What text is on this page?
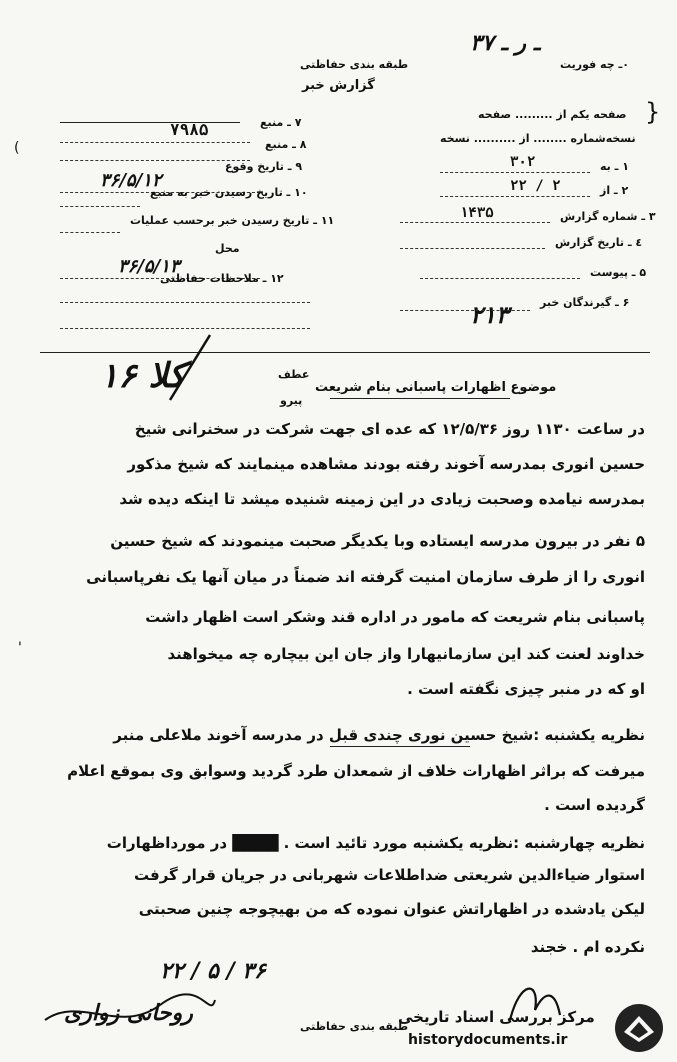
۰ـ چه فوریت
۳ـ ر ـ ۷
طبقه بندی حفاظتی
گزارش خبر
صفحه یکم از ......... صفحه
نسخه‌شماره ........ از .......... نسخه
}
۱ ـ به
۳۰۲
۲ ـ از
۲۲ / ۲
۳ ـ شماره گزارش
۱۴۳۵
٤ ـ تاریخ گزارش
۵ ـ پیوست
۶ ـ گیرندگان خبر
۲۱۳
۷ ـ منبع
۷۹۸۵
۸ ـ منبع
۹ ـ تاریخ وقوع
۳۶/۵/۱۲
۱۰ ـ تاریخ رسیدن خبر به منبع
۱۱ ـ تاریخ رسیدن خبر برحسب عملیات
محل
۳۶/۵/۱۳
۱۲ ـ ملاحظات حفاظتی
(
'
کلا ۱۶	عطف
پیرو
موضوع اظهارات پاسبانی بنام شریعت
در ساعت ۱۱۳۰ روز ۱۲/۵/۳۶ که عده ای جهت شرکت در سخنرانی شیخ
حسین انوری بمدرسه آخوند رفته بودند مشاهده مینمایند که شیخ مذکور
بمدرسه نیامده وصحبت زیادی در این زمینه شنیده میشد تا اینکه دیده شد
۵ نفر در بیرون مدرسه ایستاده وبا یکدیگر صحبت مینمودند که شیخ حسین
انوری را از طرف سازمان امنیت گرفته اند ضمناً در میان آنها یک نفرپاسبانی
پاسبانی بنام شریعت که مامور در اداره قند وشکر است اظهار داشت
خداوند لعنت کند این سازمانیهارا واز جان این بیچاره چه میخواهند
او که در منبر چیزی نگفته است .
نظریه یکشنبه :شیخ حسین نوری چندی قبل در مدرسه آخوند ملاعلی منبر
میرفت که براثر اظهارات خلاف از شمعدان طرد گردید وسوابق وی بموقع اعلام
گردیده است .
نظریه چهارشنبه :نظریه یکشنبه مورد تائید است . ████ در مورداظهارات
استوار ضیاءالدین شریعتی ضداطلاعات شهربانی در جریان قرار گرفت
لیکن یادشده در اظهاراتش عنوان نموده که من بهیچوجه چنین صحبتی
نکرده ام . خجند
۲۲ / ۵ / ۳۶
روحانی زواری
طبقه بندی حفاظتی
مرکز بررسی اسناد تاریخی
historydocuments.ir
